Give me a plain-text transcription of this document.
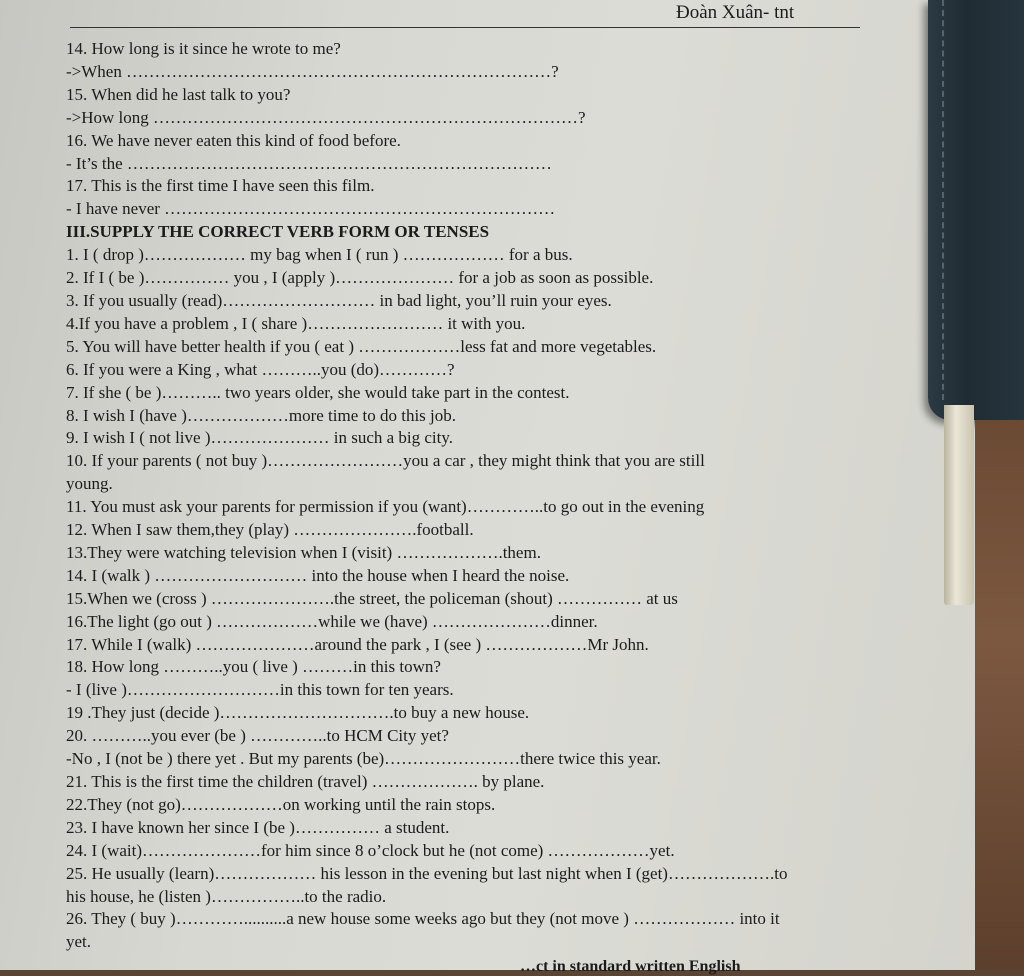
Đoàn Xuân- tnt
14. How long is it since he wrote to me?
->When …………………………………………………………………?
15. When did he last talk to you?
->How long …………………………………………………………………?
16. We have never eaten this kind of food before.
- It’s the …………………………………………………………………
17. This is the first time I have seen this film.
- I have never ……………………………………………………………
III.SUPPLY THE CORRECT VERB FORM OR TENSES
1. I ( drop )……………… my bag when I ( run ) ……………… for a bus.
2. If I ( be )…………… you , I (apply )………………… for a job as soon as possible.
3. If you usually (read)……………………… in bad light, you’ll ruin your eyes.
4.If you have a problem , I ( share )…………………… it with you.
5. You will have better health if you ( eat ) ………………less fat and more vegetables.
6. If you were a King , what ………..you (do)…………?
7. If she ( be )……….. two years older, she would take part in the contest.
8. I wish I (have )………………more time to do this job.
9. I wish I ( not live )………………… in such a big city.
10. If your parents ( not buy )……………………you a car , they might think that you are still
young.
11. You must ask your parents for permission if you (want)…………..to go out in the evening
12. When I saw them,they (play) ………………….football.
13.They were watching television when I (visit) ……………….them.
14. I (walk ) ……………………… into the house when I heard the noise.
15.When we (cross ) ………………….the street, the policeman (shout) …………… at us
16.The light (go out ) ………………while we (have) …………………dinner.
17. While I (walk) …………………around the park , I (see ) ………………Mr John.
18. How long ………..you ( live ) ………in this town?
- I (live )………………………in this town for ten years.
19 .They just (decide )………………………….to buy a new house.
20. ………..you ever (be ) …………..to HCM City yet?
-No , I (not be ) there yet . But my parents (be)……………………there twice this year.
21. This is the first time the children (travel) ………………. by plane.
22.They (not go)………………on working until the rain stops.
23. I have known her since I (be )…………… a student.
24. I (wait)…………………for him since 8 o’clock but he (not come) ………………yet.
25. He usually (learn)……………… his lesson in the evening but last night when I (get)……………….to
his house, he (listen )……………..to the radio.
26. They ( buy )…………..........a new house some weeks ago but they (not move ) ……………… into it
yet.
…ct in standard written English
